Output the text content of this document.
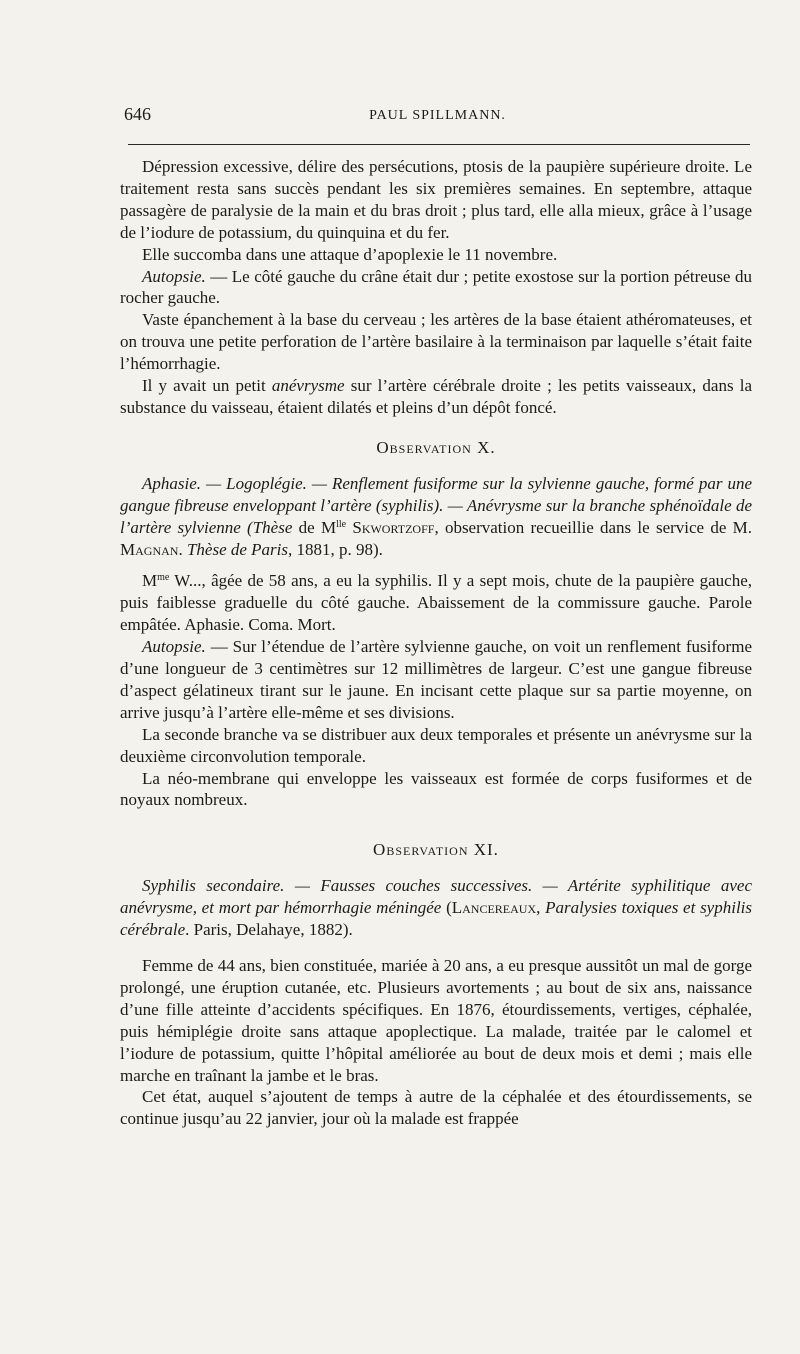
646	PAUL SPILLMANN.

Dépression excessive, délire des persécutions, ptosis de la paupière supérieure droite. Le traitement resta sans succès pendant les six premières semaines. En septembre, attaque passagère de paralysie de la main et du bras droit ; plus tard, elle alla mieux, grâce à l’usage de l’iodure de potassium, du quinquina et du fer.

Elle succomba dans une attaque d’apoplexie le 11 novembre.

Autopsie. — Le côté gauche du crâne était dur ; petite exostose sur la portion pétreuse du rocher gauche.

Vaste épanchement à la base du cerveau ; les artères de la base étaient athéromateuses, et on trouva une petite perforation de l’artère basilaire à la terminaison par laquelle s’était faite l’hémorrhagie.

Il y avait un petit anévrysme sur l’artère cérébrale droite ; les petits vaisseaux, dans la substance du vaisseau, étaient dilatés et pleins d’un dépôt foncé.

Observation X.

Aphasie. — Logoplégie. — Renflement fusiforme sur la sylvienne gauche, formé par une gangue fibreuse enveloppant l’artère (syphilis). — Anévrysme sur la branche sphénoïdale de l’artère sylvienne (Thèse de $M^{lle}$ Skwortzoff, observation recueillie dans le service de M. Magnan. Thèse de Paris, 1881, p. 98).

$M^{me}$ W..., âgée de 58 ans, a eu la syphilis. Il y a sept mois, chute de la paupière gauche, puis faiblesse graduelle du côté gauche. Abaissement de la commissure gauche. Parole empâtée. Aphasie. Coma. Mort.

Autopsie. — Sur l’étendue de l’artère sylvienne gauche, on voit un renflement fusiforme d’une longueur de 3 centimètres sur 12 millimètres de largeur. C’est une gangue fibreuse d’aspect gélatineux tirant sur le jaune. En incisant cette plaque sur sa partie moyenne, on arrive jusqu’à l’artère elle-même et ses divisions.

La seconde branche va se distribuer aux deux temporales et présente un anévrysme sur la deuxième circonvolution temporale.

La néo-membrane qui enveloppe les vaisseaux est formée de corps fusiformes et de noyaux nombreux.

Observation XI.

Syphilis secondaire. — Fausses couches successives. — Artérite syphilitique avec anévrysme, et mort par hémorrhagie méningée (Lancereaux, Paralysies toxiques et syphilis cérébrale. Paris, Delahaye, 1882).

Femme de 44 ans, bien constituée, mariée à 20 ans, a eu presque aussitôt un mal de gorge prolongé, une éruption cutanée, etc. Plusieurs avortements ; au bout de six ans, naissance d’une fille atteinte d’accidents spécifiques. En 1876, étourdissements, vertiges, céphalée, puis hémiplégie droite sans attaque apoplectique. La malade, traitée par le calomel et l’iodure de potassium, quitte l’hôpital améliorée au bout de deux mois et demi ; mais elle marche en traînant la jambe et le bras.

Cet état, auquel s’ajoutent de temps à autre de la céphalée et des étourdissements, se continue jusqu’au 22 janvier, jour où la malade est frappée
